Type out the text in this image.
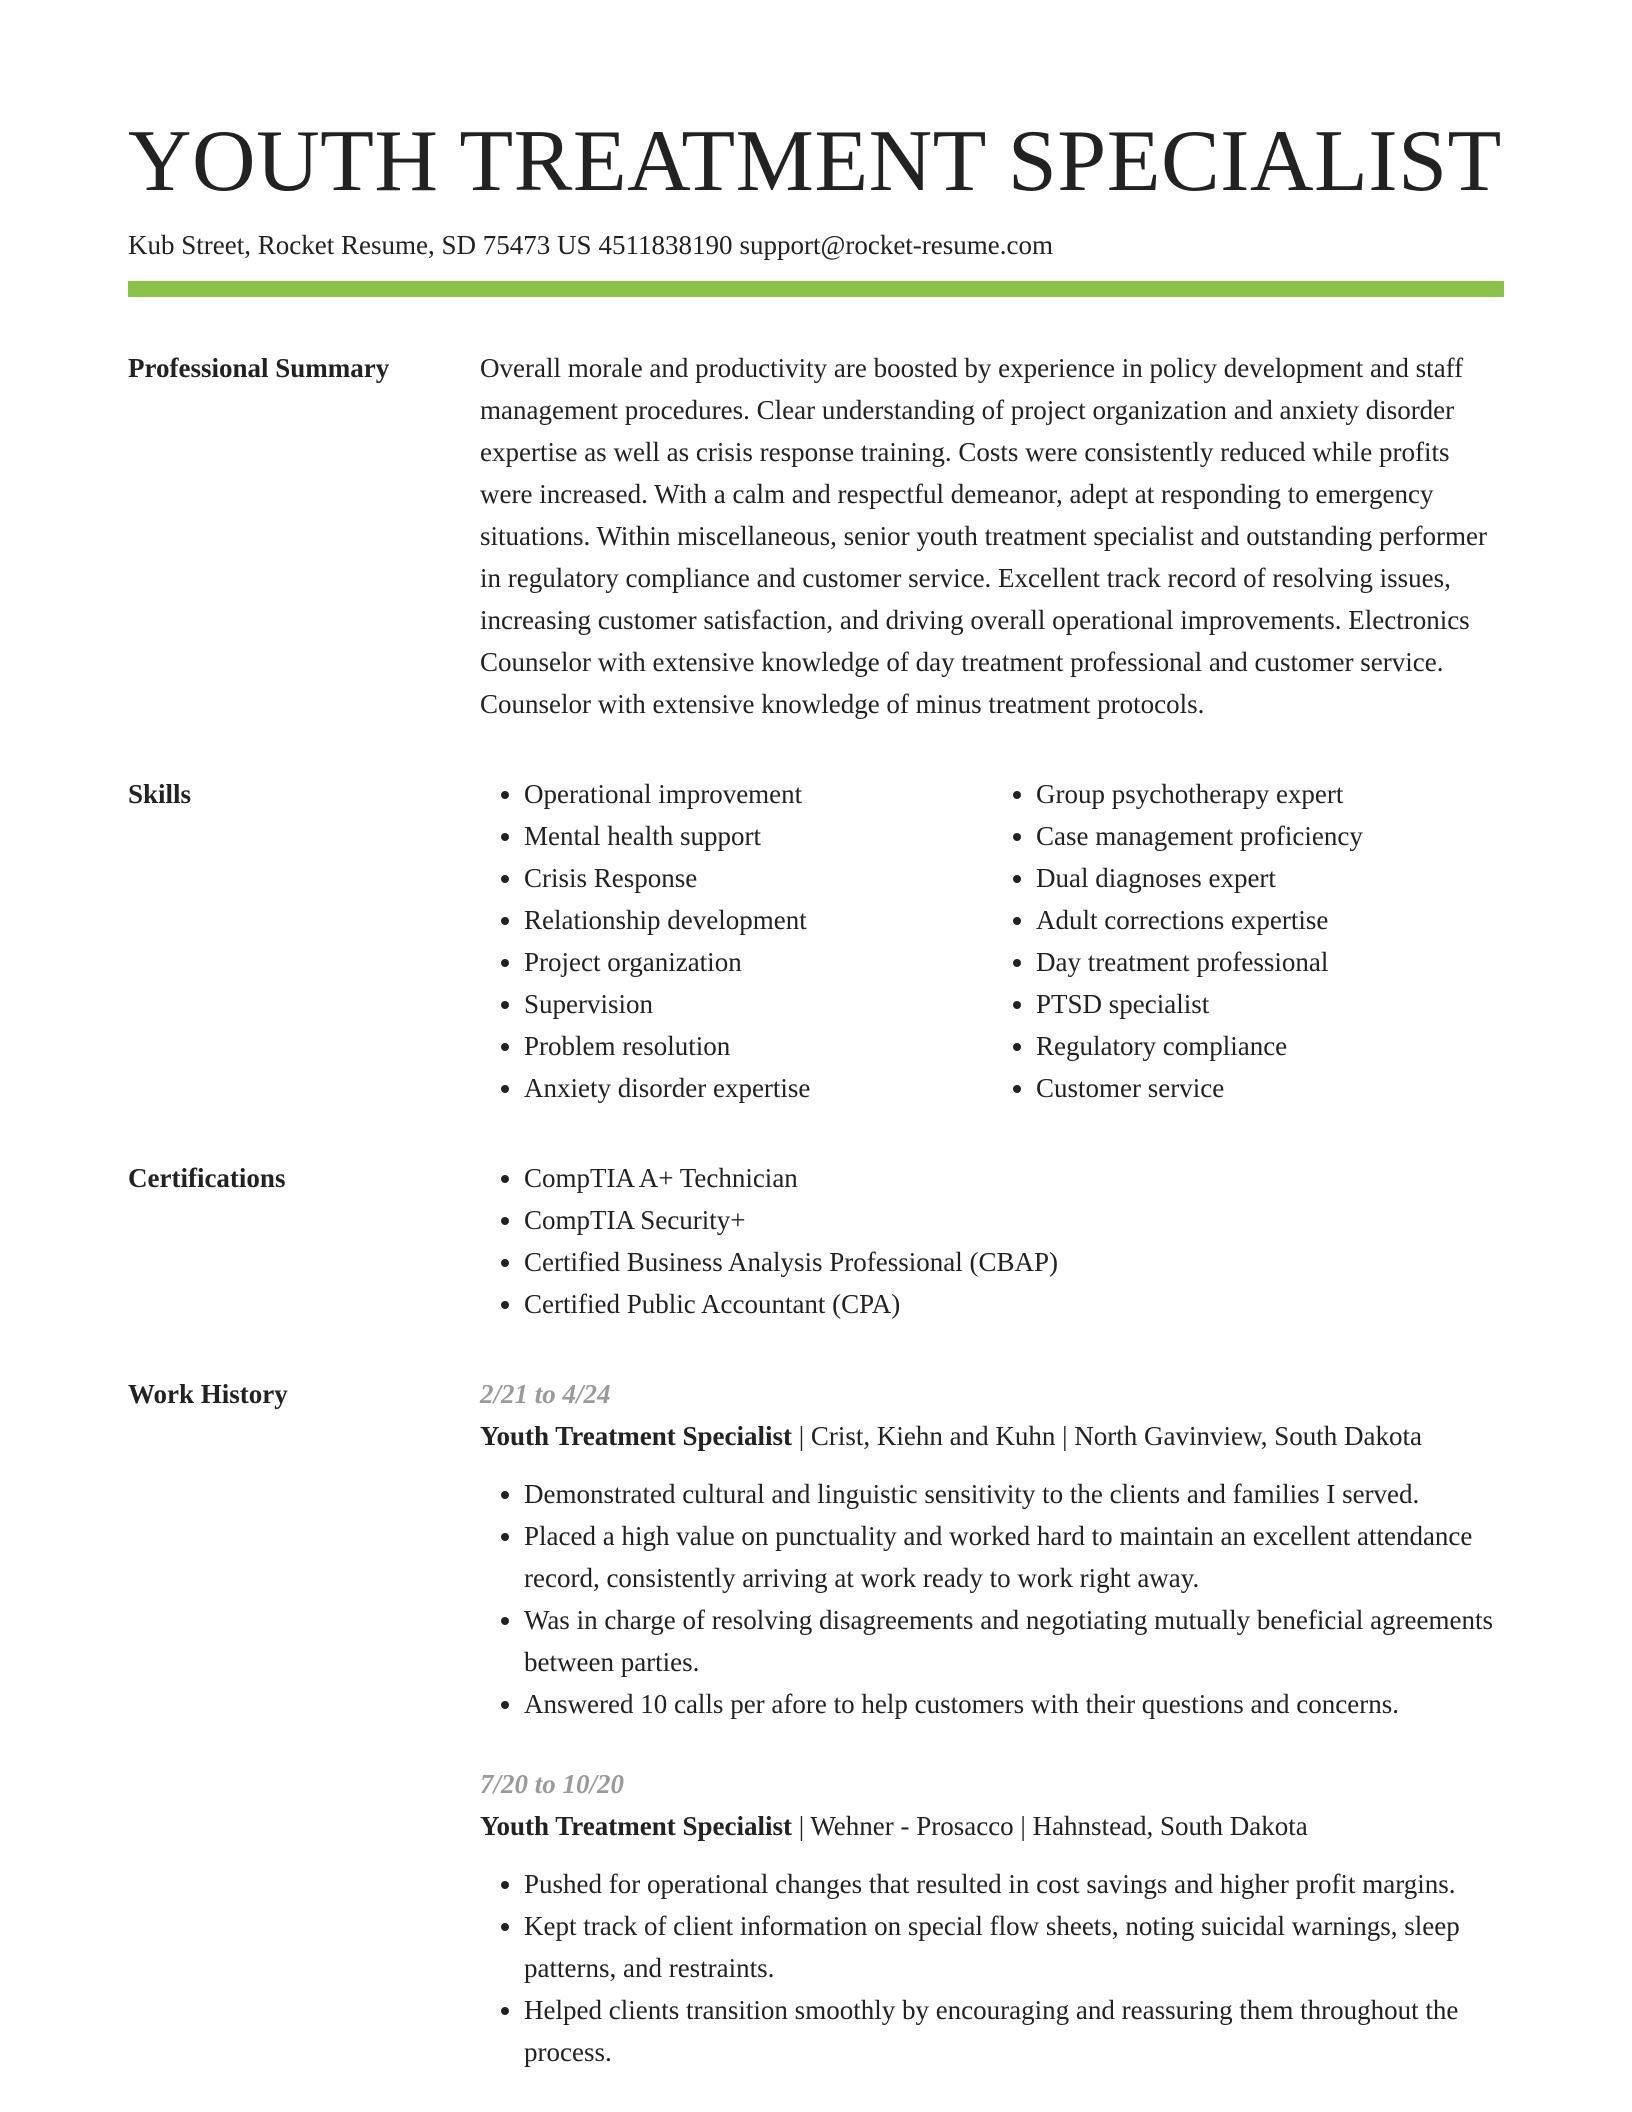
YOUTH TREATMENT SPECIALIST
Kub Street, Rocket Resume, SD 75473 US 4511838190 support@rocket-resume.com
Professional Summary	Overall morale and productivity are boosted by experience in policy development and staff management procedures. Clear understanding of project organization and anxiety disorder expertise as well as crisis response training. Costs were consistently reduced while profits were increased. With a calm and respectful demeanor, adept at responding to emergency situations. Within miscellaneous, senior youth treatment specialist and outstanding performer in regulatory compliance and customer service. Excellent track record of resolving issues, increasing customer satisfaction, and driving overall operational improvements. Electronics Counselor with extensive knowledge of day treatment professional and customer service. Counselor with extensive knowledge of minus treatment protocols.

Skills	• Operational improvement
• Mental health support
• Crisis Response
• Relationship development
• Project organization
• Supervision
• Problem resolution
• Anxiety disorder expertise
• Group psychotherapy expert
• Case management proficiency
• Dual diagnoses expert
• Adult corrections expertise
• Day treatment professional
• PTSD specialist
• Regulatory compliance
• Customer service
Certifications	• CompTIA A+ Technician
• CompTIA Security+
• Certified Business Analysis Professional (CBAP)
• Certified Public Accountant (CPA)
Work History	2/21 to 4/24
Youth Treatment Specialist | Crist, Kiehn and Kuhn | North Gavinview, South Dakota
• Demonstrated cultural and linguistic sensitivity to the clients and families I served.
• Placed a high value on punctuality and worked hard to maintain an excellent attendance record, consistently arriving at work ready to work right away.
• Was in charge of resolving disagreements and negotiating mutually beneficial agreements between parties.
• Answered 10 calls per afore to help customers with their questions and concerns.
7/20 to 10/20
Youth Treatment Specialist | Wehner - Prosacco | Hahnstead, South Dakota
• Pushed for operational changes that resulted in cost savings and higher profit margins.
• Kept track of client information on special flow sheets, noting suicidal warnings, sleep patterns, and restraints.
• Helped clients transition smoothly by encouraging and reassuring them throughout the process.
